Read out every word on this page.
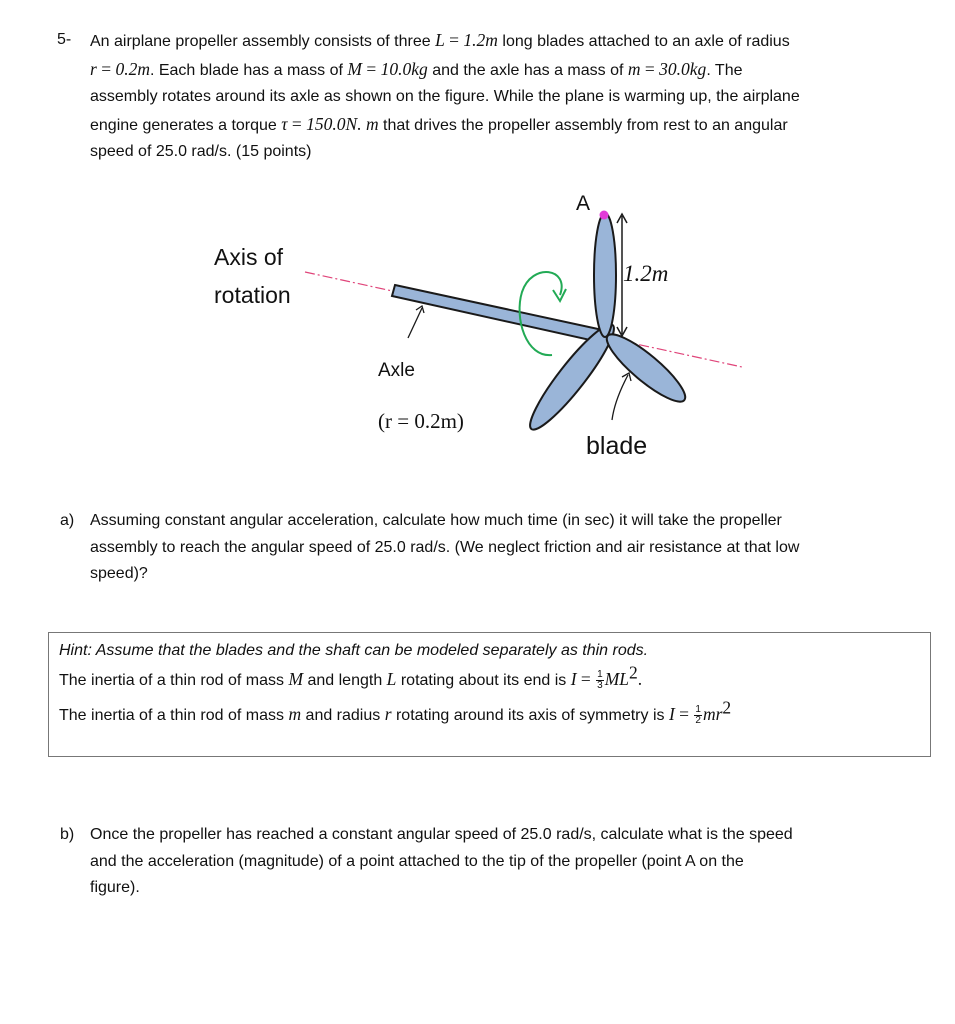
5- An airplane propeller assembly consists of three L = 1.2m long blades attached to an axle of radius
r = 0.2m. Each blade has a mass of M = 10.0kg and the axle has a mass of m = 30.0kg. The
assembly rotates around its axle as shown on the figure. While the plane is warming up, the airplane
engine generates a torque τ = 150.0N. m that drives the propeller assembly from rest to an angular
speed of 25.0 rad/s. (15 points)
A
Axis of
rotation
1.2m
Axle
(r = 0.2m)
blade
a) Assuming constant angular acceleration, calculate how much time (in sec) it will take the propeller
assembly to reach the angular speed of 25.0 rad/s. (We neglect friction and air resistance at that low
speed)?
Hint: Assume that the blades and the shaft can be modeled separately as thin rods.
The inertia of a thin rod of mass M and length L rotating about its end is $I = \frac{1}{3} ML^2$.
The inertia of a thin rod of mass m and radius r rotating around its axis of symmetry is $I = \frac{1}{2} mr^2$
b) Once the propeller has reached a constant angular speed of 25.0 rad/s, calculate what is the speed
and the acceleration (magnitude) of a point attached to the tip of the propeller (point A on the
figure).
